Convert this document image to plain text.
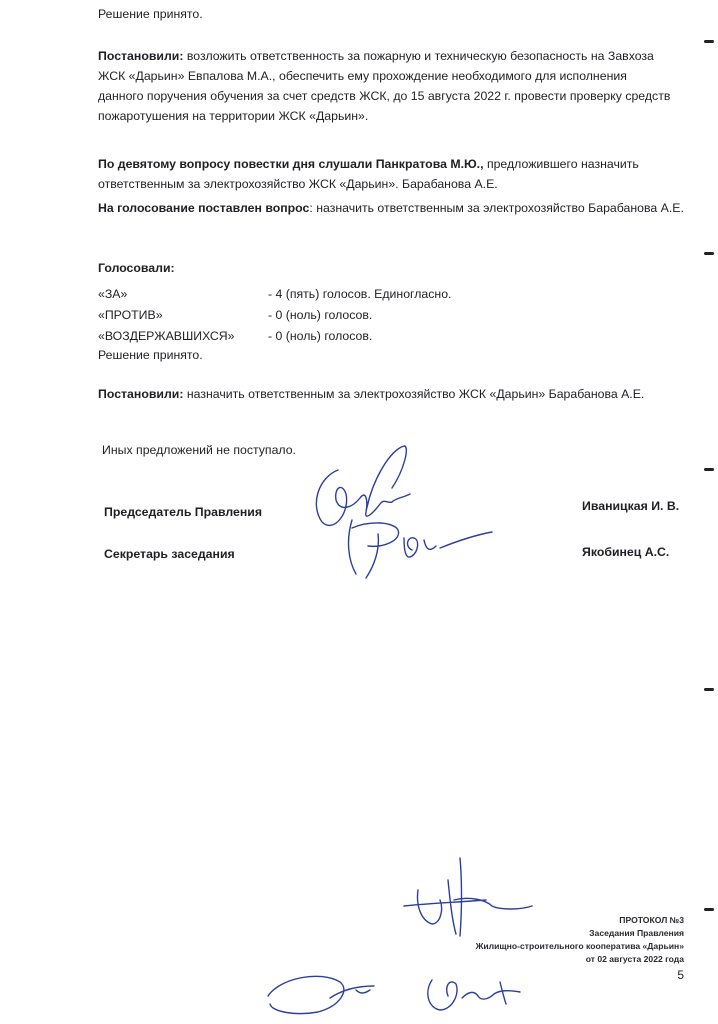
Решение принято.

Постановили: возложить ответственность за пожарную и техническую безопасность на Завхоза
ЖСК «Дарьин» Евпалова М.А., обеспечить ему прохождение необходимого для исполнения
данного поручения обучения за счет средств ЖСК, до 15 августа 2022 г. провести проверку средств
пожаротушения на территории ЖСК «Дарьин».
По девятому вопросу повестки дня слушали Панкратова М.Ю., предложившего назначить
ответственным за электрохозяйство ЖСК «Дарьин». Барабанова А.Е.
На голосование поставлен вопрос: назначить ответственным за электрохозяйство Барабанова А.Е.
Голосовали:
«ЗА»	- 4 (пять) голосов. Единогласно.
«ПРОТИВ»	- 0 (ноль) голосов.
«ВОЗДЕРЖАВШИХСЯ»	- 0 (ноль) голосов.

Решение принято.

Постановили: назначить ответственным за электрохозяйство ЖСК «Дарьин» Барабанова А.Е.

Иных предложений не поступало.

Председатель Правления	Иваницкая И. В.
Секретарь заседания	Якобинец А.С.
ПРОТОКОЛ №3
Заседания Правления
Жилищно-строительного кооператива «Дарьин»
от 02 августа 2022 года
5
